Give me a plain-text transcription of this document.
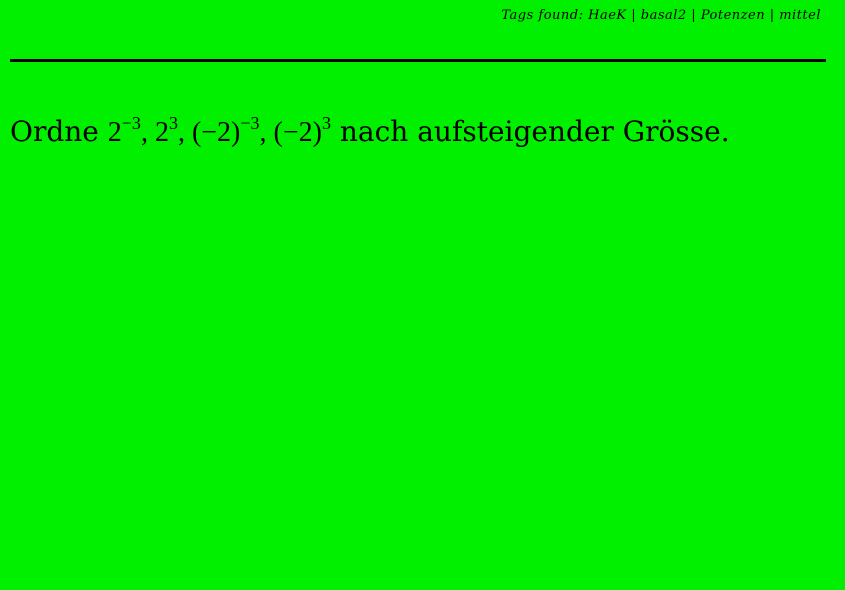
Tags found: HaeK | basal2 | Potenzen | mittel
Ordne $2^{-3}$, $2^3$, $(-2)^{-3}$, $(-2)^3$ nach aufsteigender Grösse.
